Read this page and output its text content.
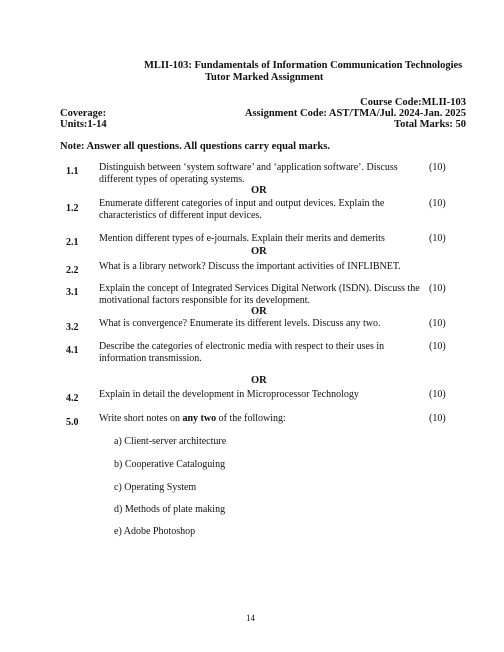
MLII-103: Fundamentals of Information Communication Technologies
Tutor Marked Assignment
Course Code:MLII-103
Coverage:	Assignment Code: AST/TMA/Jul. 2024-Jan. 2025
Units:1-14	Total Marks: 50
Note: Answer all questions. All questions carry equal marks.
1.1 Distinguish between ‘system software’ and ‘application software’. Discuss
different types of operating systems.
(10)
OR
1.2 Enumerate different categories of input and output devices. Explain the
characteristics of different input devices.
(10)
2.1 Mention different types of e-journals. Explain their merits and demerits	(10)
OR
2.2 What is a library network? Discuss the important activities of INFLIBNET.
3.1 Explain the concept of Integrated Services Digital Network (ISDN). Discuss the
motivational factors responsible for its development.
(10)
OR
3.2 What is convergence? Enumerate its different levels. Discuss any two.	(10)
4.1 Describe the categories of electronic media with respect to their uses in
information transmission.
(10)
OR
4.2 Explain in detail the development in Microprocessor Technology	(10)
5.0 Write short notes on any two of the following:	(10)
a) Client-server architecture
b) Cooperative Cataloguing
c) Operating System
d) Methods of plate making
e) Adobe Photoshop
14
